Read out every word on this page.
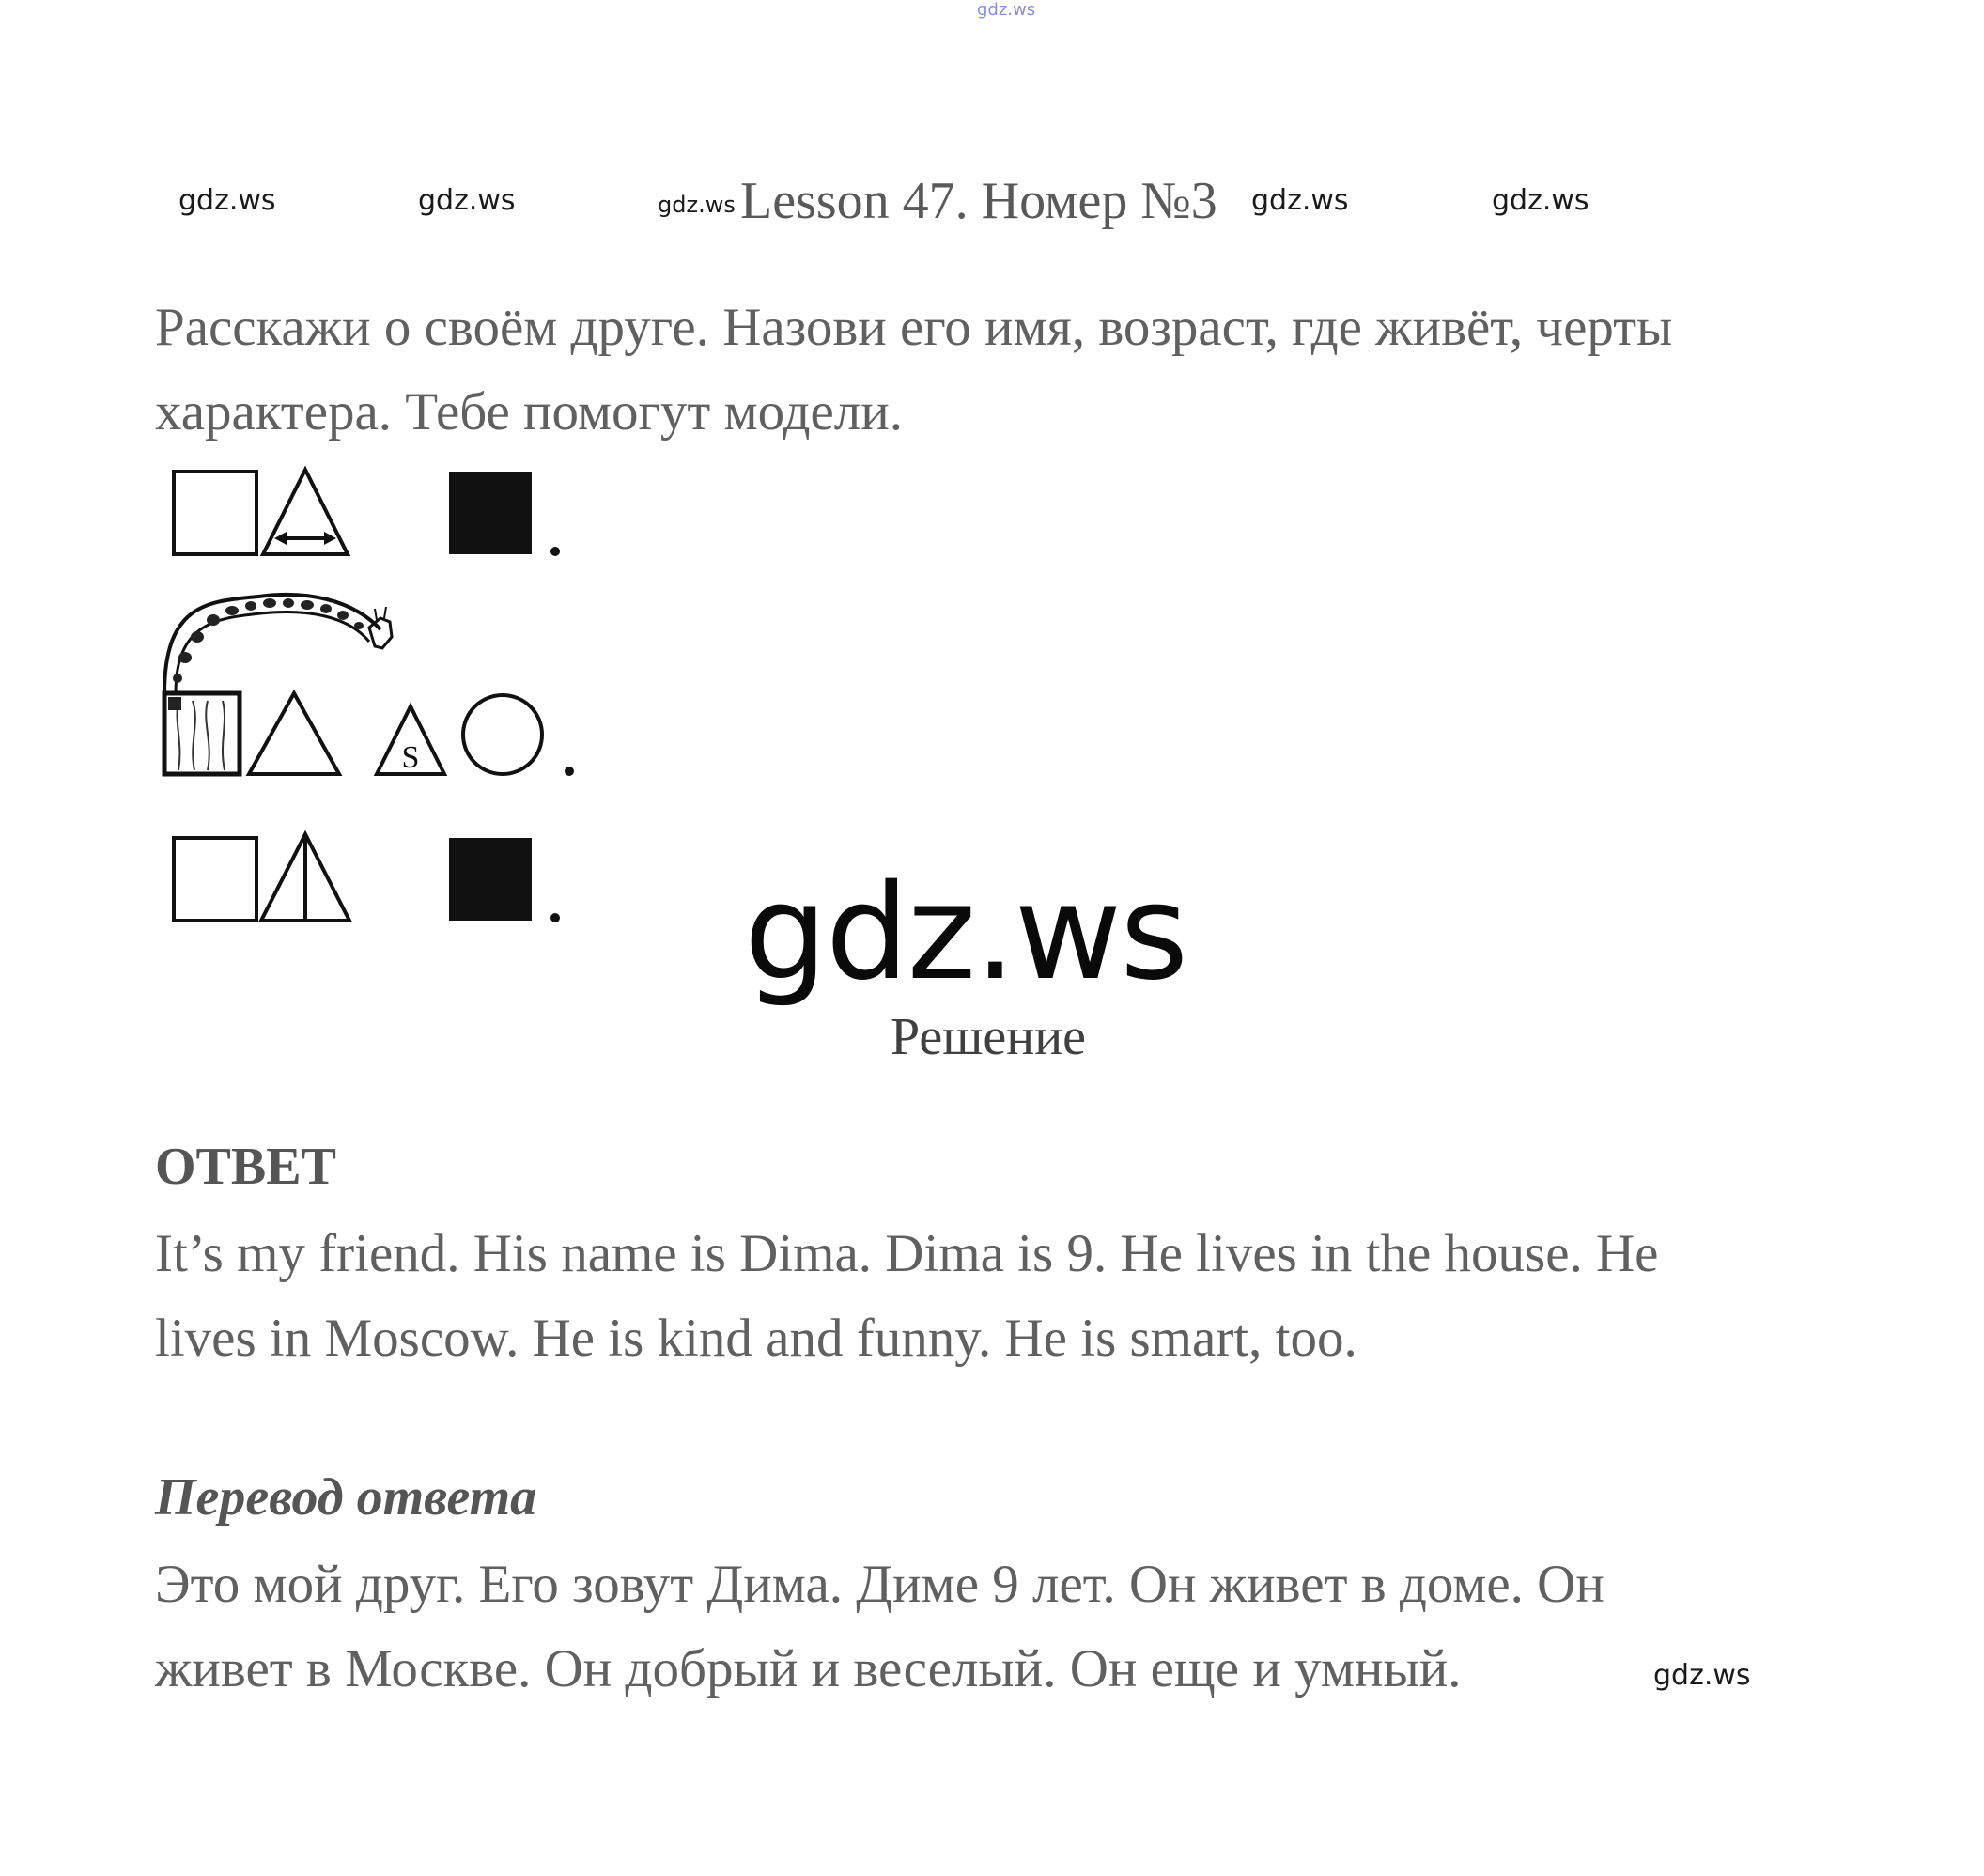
gdz.ws
gdz.ws	gdz.ws	gdz.ws Lesson 47. Номер №3 gdz.ws	gdz.ws
Расскажи о своём друге. Назови его имя, возраст, где живёт, черты
характера. Тебе помогут модели.
S
gdz.ws
Решение
ОТВЕТ
It’s my friend. His name is Dima. Dima is 9. He lives in the house. He
lives in Moscow. He is kind and funny. He is smart, too.
Перевод ответа
Это мой друг. Его зовут Дима. Диме 9 лет. Он живет в доме. Он
живет в Москве. Он добрый и веселый. Он еще и умный.	gdz.ws
